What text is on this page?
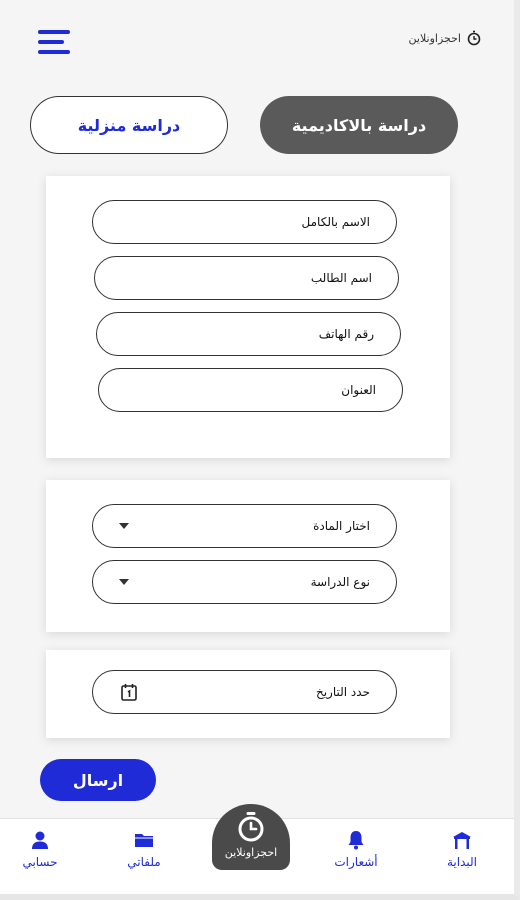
احجزاونلاين
دراسة بالاكاديمية
دراسة منزلية
الاسم بالكامل
اسم الطالب
رقم الهاتف
العنوان
اختار المادة
نوع الدراسة
حدد التاريخ
ارسال
البداية
أشعارات
ملفاتي
حسابي
احجزاونلاين
